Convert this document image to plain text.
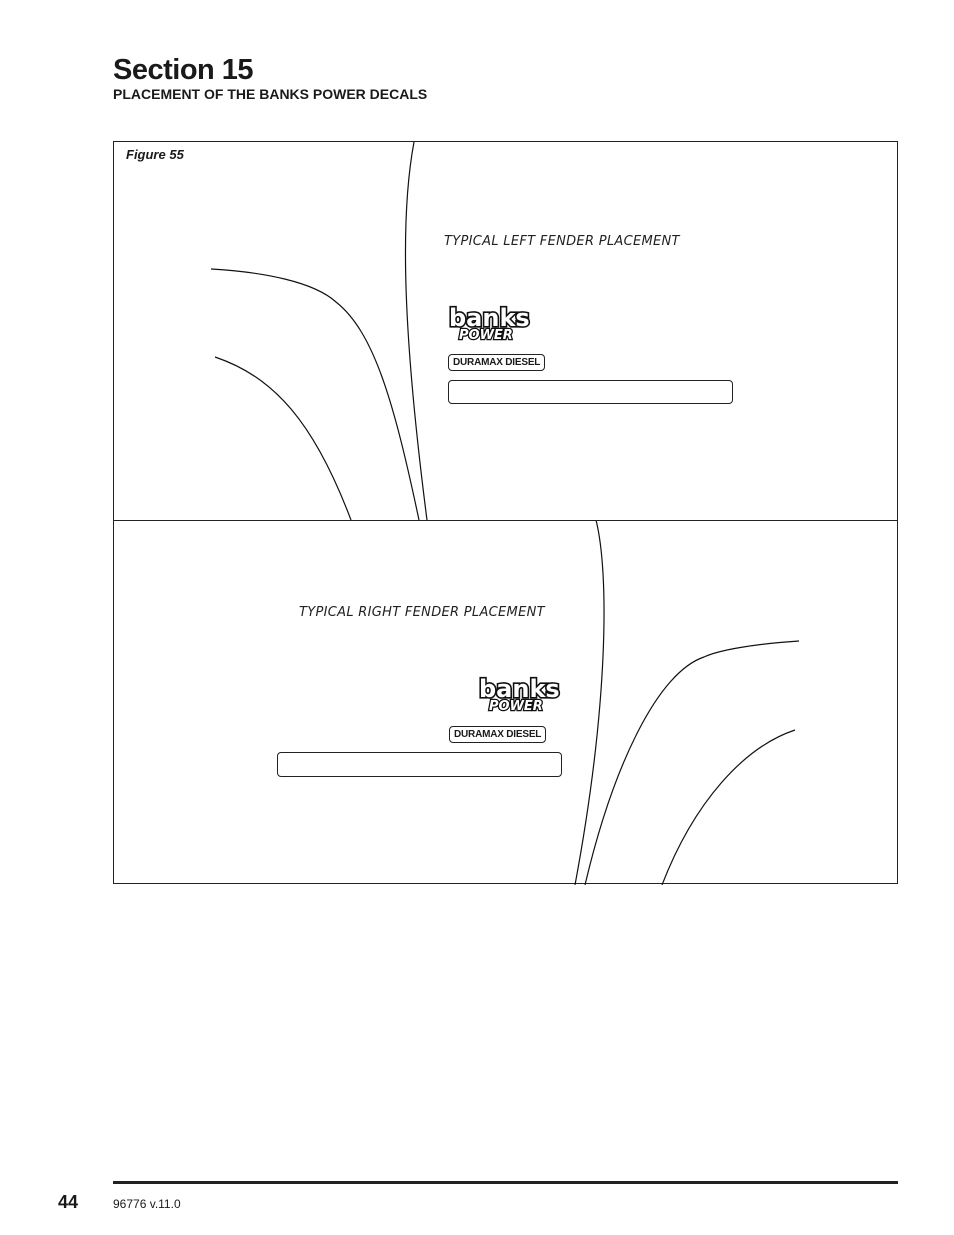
Section 15
PLACEMENT OF THE BANKS POWER DECALS
Figure 55
TYPICAL LEFT FENDER PLACEMENT
banks
POWER
DURAMAX DIESEL
TYPICAL RIGHT FENDER PLACEMENT
banks
POWER
DURAMAX DIESEL
44	96776 v.11.0
